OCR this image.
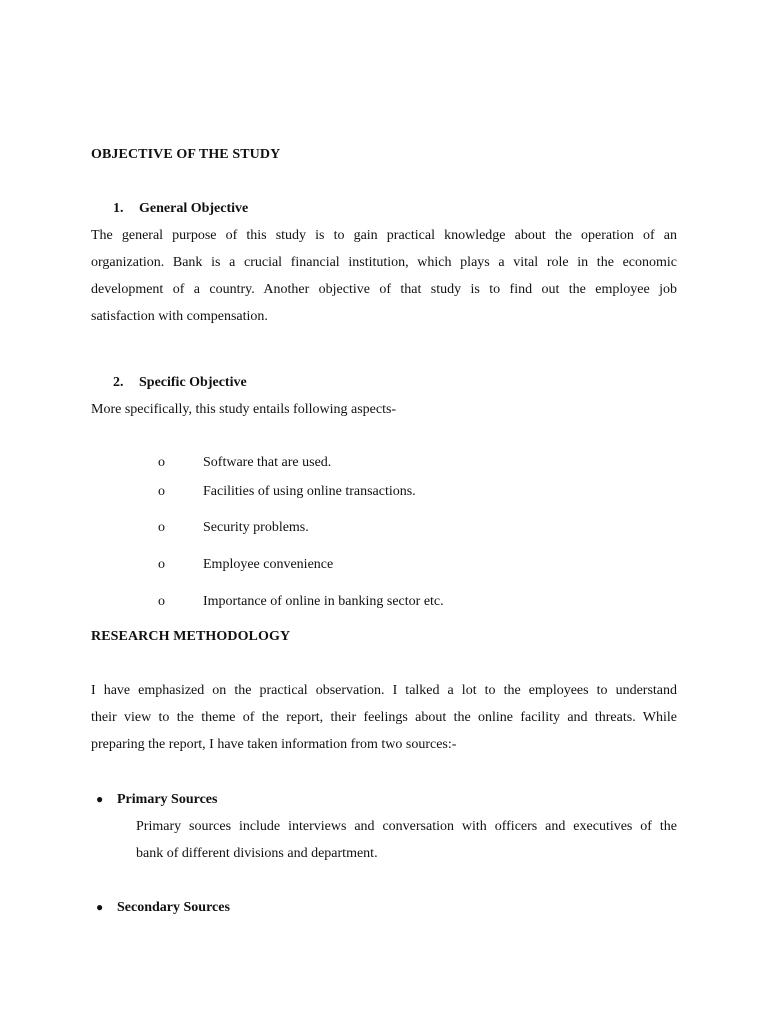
OBJECTIVE OF THE STUDY
1. General Objective
The general purpose of this study is to gain practical knowledge about the operation of an
organization. Bank is a crucial financial institution, which plays a vital role in the economic
development of a country. Another objective of that study is to find out the employee job
satisfaction with compensation.
2. Specific Objective
More specifically, this study entails following aspects-
o	Software that are used.
o	Facilities of using online transactions.
o	Security problems.
o	Employee convenience
o	Importance of online in banking sector etc.
RESEARCH METHODOLOGY
I have emphasized on the practical observation. I talked a lot to the employees to understand
their view to the theme of the report, their feelings about the online facility and threats. While
preparing the report, I have taken information from two sources:-
● Primary Sources
Primary sources include interviews and conversation with officers and executives of the
bank of different divisions and department.
● Secondary Sources
